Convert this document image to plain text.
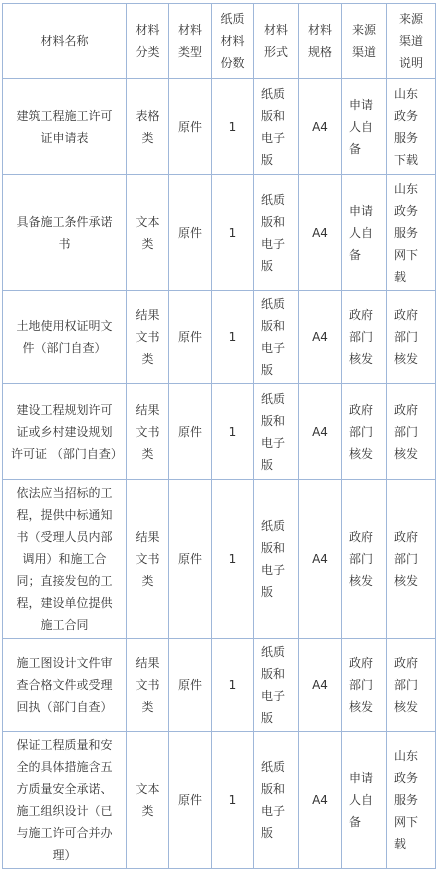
材料名称	材料分类	材料类型	纸质材料份数	材料形式	材料规格	来源渠道	来源渠道说明
建筑工程施工许可证申请表	表格类	原件	1	纸质版和电子版	A4	申请人自备	山东政务服务下载
具备施工条件承诺书	文本类	原件	1	纸质版和电子版	A4	申请人自备	山东政务服务网下载
土地使用权证明文件（部门自查）	结果文书类	原件	1	纸质版和电子版	A4	政府部门核发	政府部门核发
建设工程规划许可证或乡村建设规划许可证 （部门自查）	结果文书类	原件	1	纸质版和电子版	A4	政府部门核发	政府部门核发
依法应当招标的工程，提供中标通知书（受理人员内部调用）和施工合同；直接发包的工程，建设单位提供施工合同	结果文书类	原件	1	纸质版和电子版	A4	政府部门核发	政府部门核发
施工图设计文件审查合格文件或受理回执（部门自查）	结果文书类	原件	1	纸质版和电子版	A4	政府部门核发	政府部门核发
保证工程质量和安全的具体措施含五方质量安全承诺、施工组织设计（已与施工许可合并办理）	文本类	原件	1	纸质版和电子版	A4	申请人自备	山东政务服务网下载
